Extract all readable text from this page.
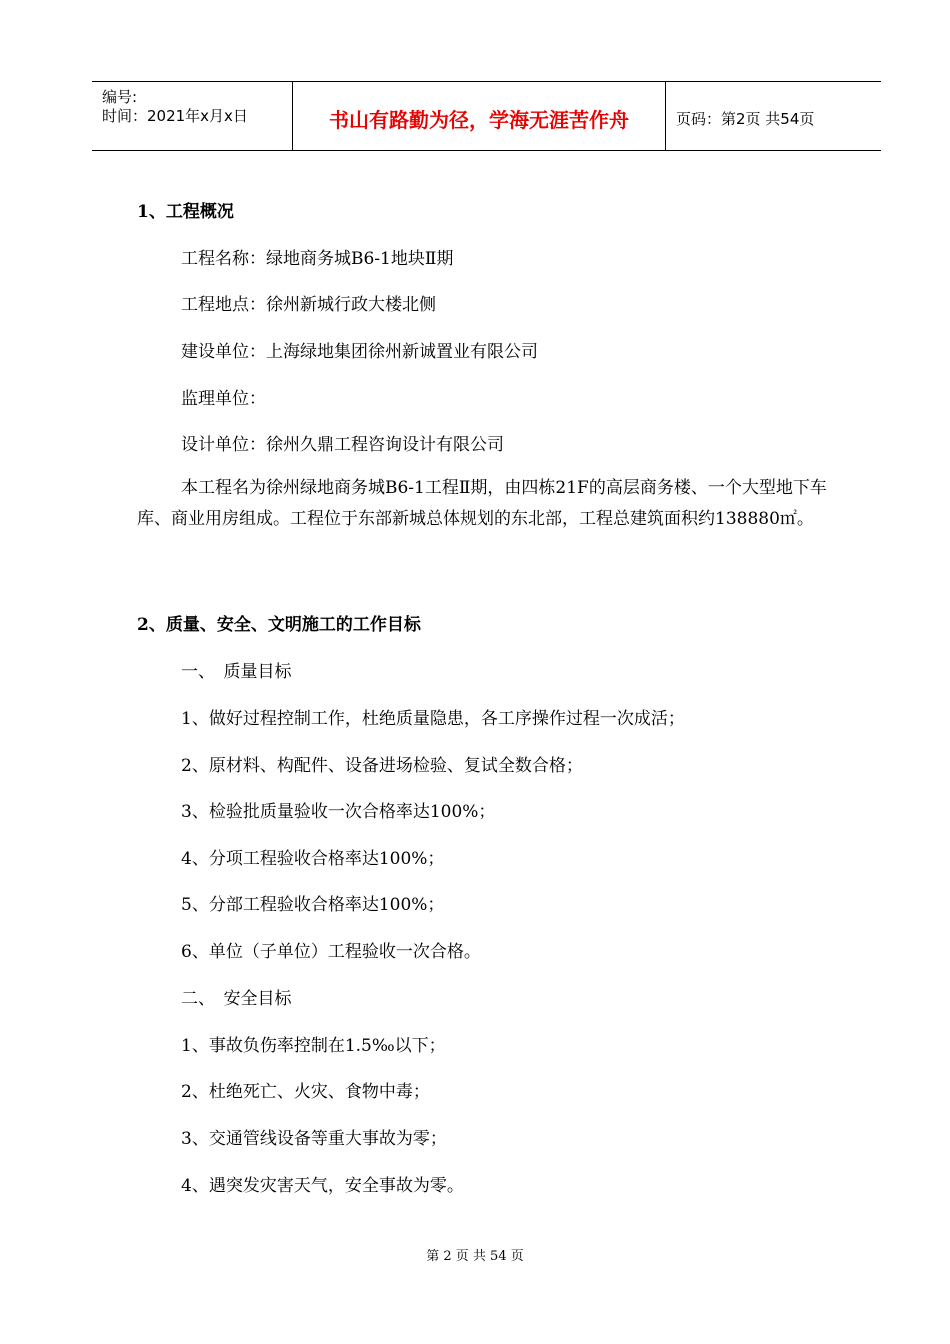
编号:
时间：2021年x月x日	书山有路勤为径，学海无涯苦作舟	页码：第2页 共54页
1、工程概况
工程名称：绿地商务城B6-1地块Ⅱ期
工程地点：徐州新城行政大楼北侧
建设单位：上海绿地集团徐州新诚置业有限公司
监理单位：
设计单位：徐州久鼎工程咨询设计有限公司
本工程名为徐州绿地商务城B6-1工程Ⅱ期，由四栋21F的高层商务楼、一个大型地下车库、商业用房组成。工程位于东部新城总体规划的东北部，工程总建筑面积约138880㎡。
2、质量、安全、文明施工的工作目标
一、　质量目标
1、做好过程控制工作，杜绝质量隐患，各工序操作过程一次成活；
2、原材料、构配件、设备进场检验、复试全数合格；
3、检验批质量验收一次合格率达100%；
4、分项工程验收合格率达100%；
5、分部工程验收合格率达100%；
6、单位（子单位）工程验收一次合格。
二、　安全目标
1、事故负伤率控制在1.5‰以下；
2、杜绝死亡、火灾、食物中毒；
3、交通管线设备等重大事故为零；
4、遇突发灾害天气，安全事故为零。
第 2 页 共 54 页
